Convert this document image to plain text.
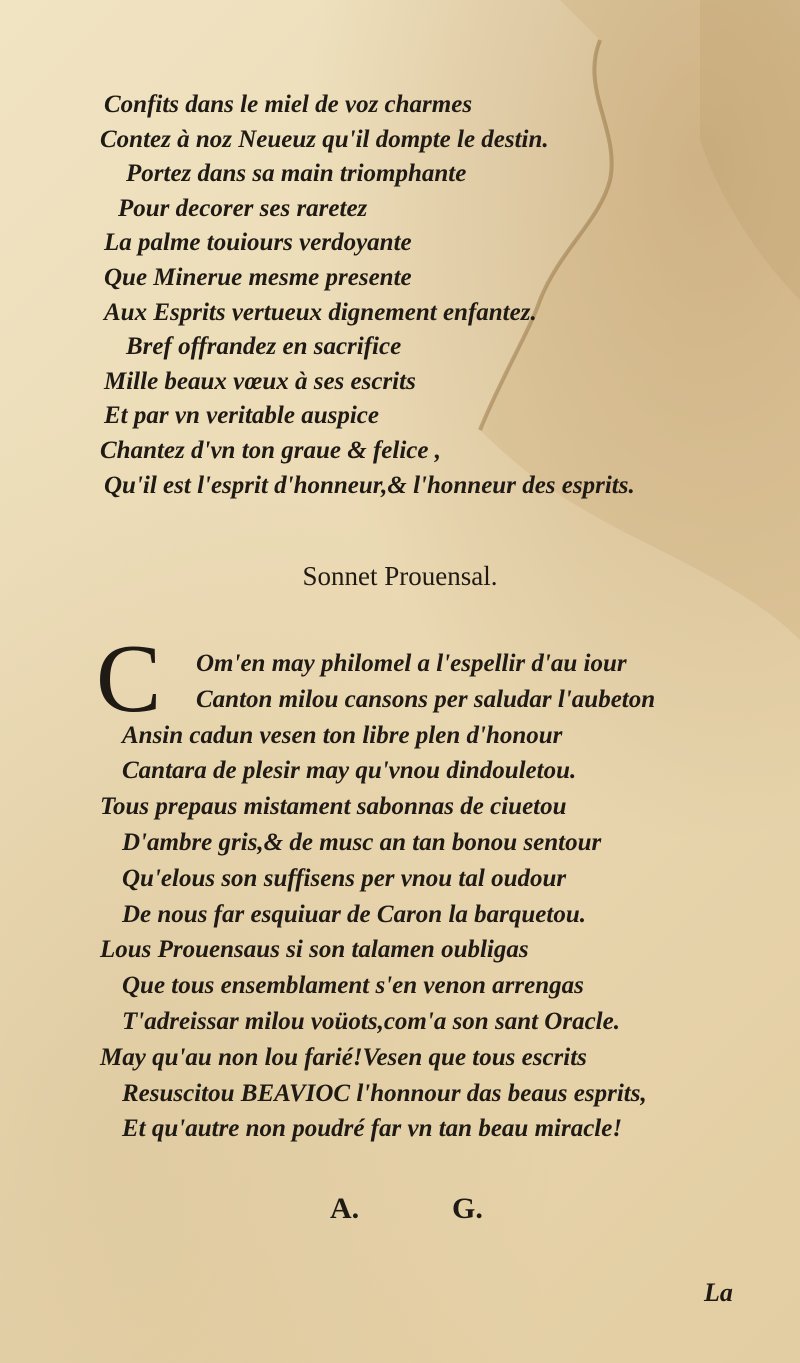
Confits dans le miel de voz charmes
Contez à noz Neueuz qu'il dompte le destin.
Portez dans sa main triomphante
Pour decorer ses raretez
La palme touiours verdoyante
Que Minerue mesme presente
Aux Esprits vertueux dignement enfantez.
Bref offrandez en sacrifice
Mille beaux vœux à ses escrits
Et par vn veritable auspice
Chantez d'vn ton graue & felice ,
Qu'il est l'esprit d'honneur,& l'honneur des esprits.
Sonnet Prouensal.
C	Om'en may philomel a l'espellir d'au iour
Canton milou cansons per saludar l'aubeton
Ansin cadun vesen ton libre plen d'honour
Cantara de plesir may qu'vnou dindouletou.
Tous prepaus mistament sabonnas de ciuetou
D'ambre gris,& de musc an tan bonou sentour
Qu'elous son suffisens per vnou tal oudour
De nous far esquiuar de Caron la barquetou.
Lous Prouensaus si son talamen oubligas
Que tous ensemblament s'en venon arrengas
T'adreissar milou voüots,com'a son sant Oracle.
May qu'au non lou farié!Vesen que tous escrits
Resuscitou BEAVIOC l'honnour das beaus esprits,
Et qu'autre non poudré far vn tan beau miracle!
A.	G.
La
